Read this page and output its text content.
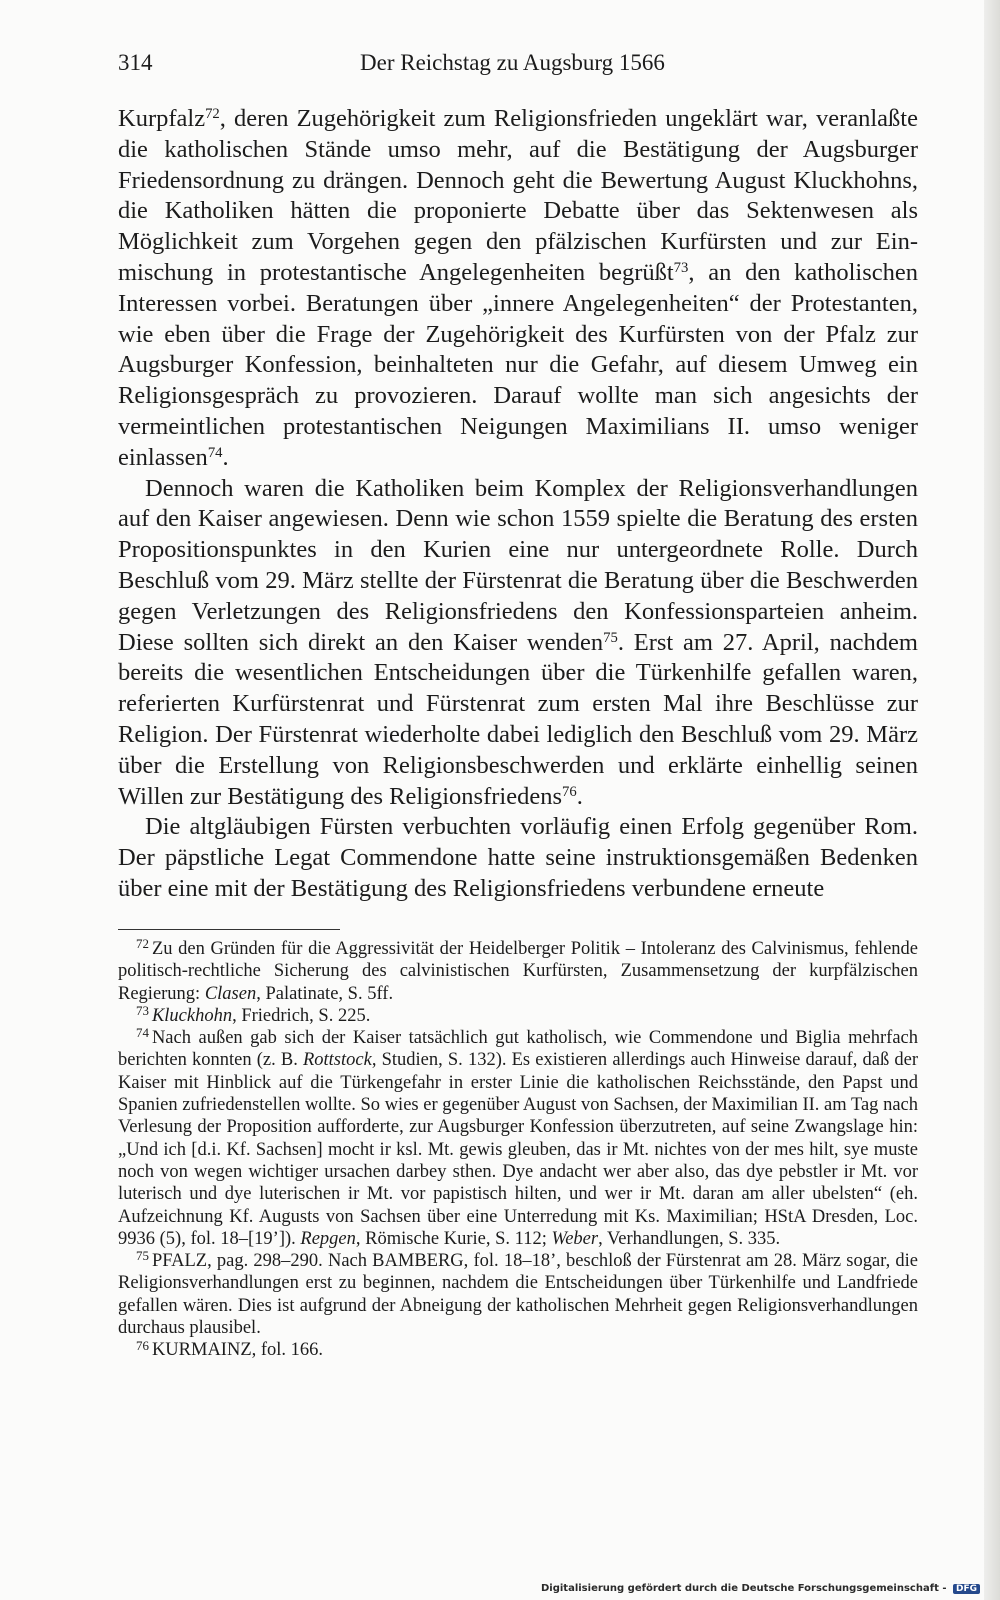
314	Der Reichstag zu Augsburg 1566

Kurpfalz$^{72}$, deren Zugehörigkeit zum Religionsfrieden ungeklärt war, veranlaßte die katholischen Stände umso mehr, auf die Bestätigung der Augsburger Friedensordnung zu drängen. Dennoch geht die Bewertung August Kluckhohns, die Katholiken hätten die proponierte Debatte über das Sektenwesen als Möglichkeit zum Vorgehen gegen den pfälzischen Kurfürsten und zur Einmischung in protestantische Angelegenheiten begrüßt$^{73}$, an den katholischen Interessen vorbei. Beratungen über „innere Angelegenheiten“ der Protestanten, wie eben über die Frage der Zugehörigkeit des Kurfürsten von der Pfalz zur Augsburger Konfession, beinhalteten nur die Gefahr, auf diesem Umweg ein Religionsgespräch zu provozieren. Darauf wollte man sich angesichts der vermeintlichen protestantischen Neigungen Maximilians II. umso weniger einlassen$^{74}$.

Dennoch waren die Katholiken beim Komplex der Religionsverhandlungen auf den Kaiser angewiesen. Denn wie schon 1559 spielte die Beratung des ersten Propositionspunktes in den Kurien eine nur untergeordnete Rolle. Durch Beschluß vom 29. März stellte der Fürstenrat die Beratung über die Beschwerden gegen Verletzungen des Religionsfriedens den Konfessionsparteien anheim. Diese sollten sich direkt an den Kaiser wenden$^{75}$. Erst am 27. April, nachdem bereits die wesentlichen Entscheidungen über die Türkenhilfe gefallen waren, referierten Kurfürstenrat und Fürstenrat zum ersten Mal ihre Beschlüsse zur Religion. Der Fürstenrat wiederholte dabei lediglich den Beschluß vom 29. März über die Erstellung von Religionsbeschwerden und erklärte einhellig seinen Willen zur Bestätigung des Religionsfriedens$^{76}$.

Die altgläubigen Fürsten verbuchten vorläufig einen Erfolg gegenüber Rom. Der päpstliche Legat Commendone hatte seine instruktionsgemäßen Bedenken über eine mit der Bestätigung des Religionsfriedens verbundene erneute

$^{72}$ Zu den Gründen für die Aggressivität der Heidelberger Politik – Intoleranz des Calvinismus, fehlende politisch-rechtliche Sicherung des calvinistischen Kurfürsten, Zusammensetzung der kurpfälzischen Regierung: Clasen, Palatinate, S. 5ff.

$^{73}$ Kluckhohn, Friedrich, S. 225.

$^{74}$ Nach außen gab sich der Kaiser tatsächlich gut katholisch, wie Commendone und Biglia mehrfach berichten konnten (z. B. Rottstock, Studien, S. 132). Es existieren allerdings auch Hinweise darauf, daß der Kaiser mit Hinblick auf die Türkengefahr in erster Linie die katholischen Reichsstände, den Papst und Spanien zufriedenstellen wollte. So wies er gegenüber August von Sachsen, der Maximilian II. am Tag nach Verlesung der Proposition aufforderte, zur Augsburger Konfession überzutreten, auf seine Zwangslage hin: „Und ich [d.i. Kf. Sachsen] mocht ir ksl. Mt. gewis gleuben, das ir Mt. nichtes von der mes hilt, sye muste noch von wegen wichtiger ursachen darbey sthen. Dye andacht wer aber also, das dye pebstler ir Mt. vor luterisch und dye luterischen ir Mt. vor papistisch hilten, und wer ir Mt. daran am aller ubelsten“ (eh. Aufzeichnung Kf. Augusts von Sachsen über eine Unterredung mit Ks. Maximilian; HStA Dresden, Loc. 9936 (5), fol. 18–[19’]). Repgen, Römische Kurie, S. 112; Weber, Verhandlungen, S. 335.

$^{75}$ PFALZ, pag. 298–290. Nach BAMBERG, fol. 18–18’, beschloß der Fürstenrat am 28. März sogar, die Religionsverhandlungen erst zu beginnen, nachdem die Entscheidungen über Türkenhilfe und Landfriede gefallen wären. Dies ist aufgrund der Abneigung der katholischen Mehrheit gegen Religionsverhandlungen durchaus plausibel.

$^{76}$ KURMAINZ, fol. 166.

Digitalisierung gefördert durch die Deutsche Forschungsgemeinschaft - DFG
